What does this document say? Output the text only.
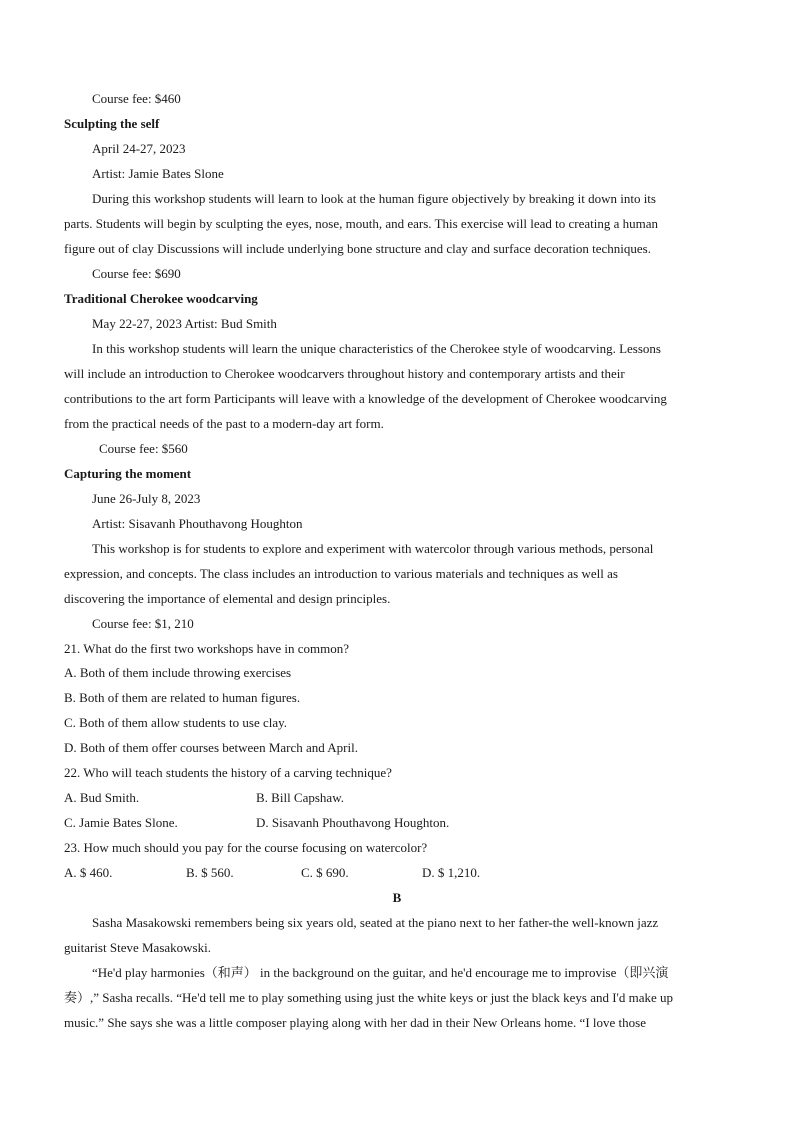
Course fee: $460
Sculpting the self
April 24-27, 2023
Artist: Jamie Bates Slone
During this workshop students will learn to look at the human figure objectively by breaking it down into its
parts. Students will begin by sculpting the eyes, nose, mouth, and ears. This exercise will lead to creating a human
figure out of clay Discussions will include underlying bone structure and clay and surface decoration techniques.
Course fee: $690
Traditional Cherokee woodcarving
May 22-27, 2023 Artist: Bud Smith
In this workshop students will learn the unique characteristics of the Cherokee style of woodcarving. Lessons
will include an introduction to Cherokee woodcarvers throughout history and contemporary artists and their
contributions to the art form Participants will leave with a knowledge of the development of Cherokee woodcarving
from the practical needs of the past to a modern-day art form.
Course fee: $560
Capturing the moment
June 26-July 8, 2023
Artist: Sisavanh Phouthavong Houghton
This workshop is for students to explore and experiment with watercolor through various methods, personal
expression, and concepts. The class includes an introduction to various materials and techniques as well as
discovering the importance of elemental and design principles.
Course fee: $1, 210
21. What do the first two workshops have in common?
A. Both of them include throwing exercises
B. Both of them are related to human figures.
C. Both of them allow students to use clay.
D. Both of them offer courses between March and April.
22. Who will teach students the history of a carving technique?
A. Bud Smith.	B. Bill Capshaw.
C. Jamie Bates Slone.	D. Sisavanh Phouthavong Houghton.
23. How much should you pay for the course focusing on watercolor?
A. $ 460.	B. $ 560.	C. $ 690.	D. $ 1,210.
B
Sasha Masakowski remembers being six years old, seated at the piano next to her father-the well-known jazz
guitarist Steve Masakowski.
“He'd play harmonies（和声） in the background on the guitar, and he'd encourage me to improvise（即兴演
奏）,” Sasha recalls. “He'd tell me to play something using just the white keys or just the black keys and I'd make up
music.” She says she was a little composer playing along with her dad in their New Orleans home. “I love those
